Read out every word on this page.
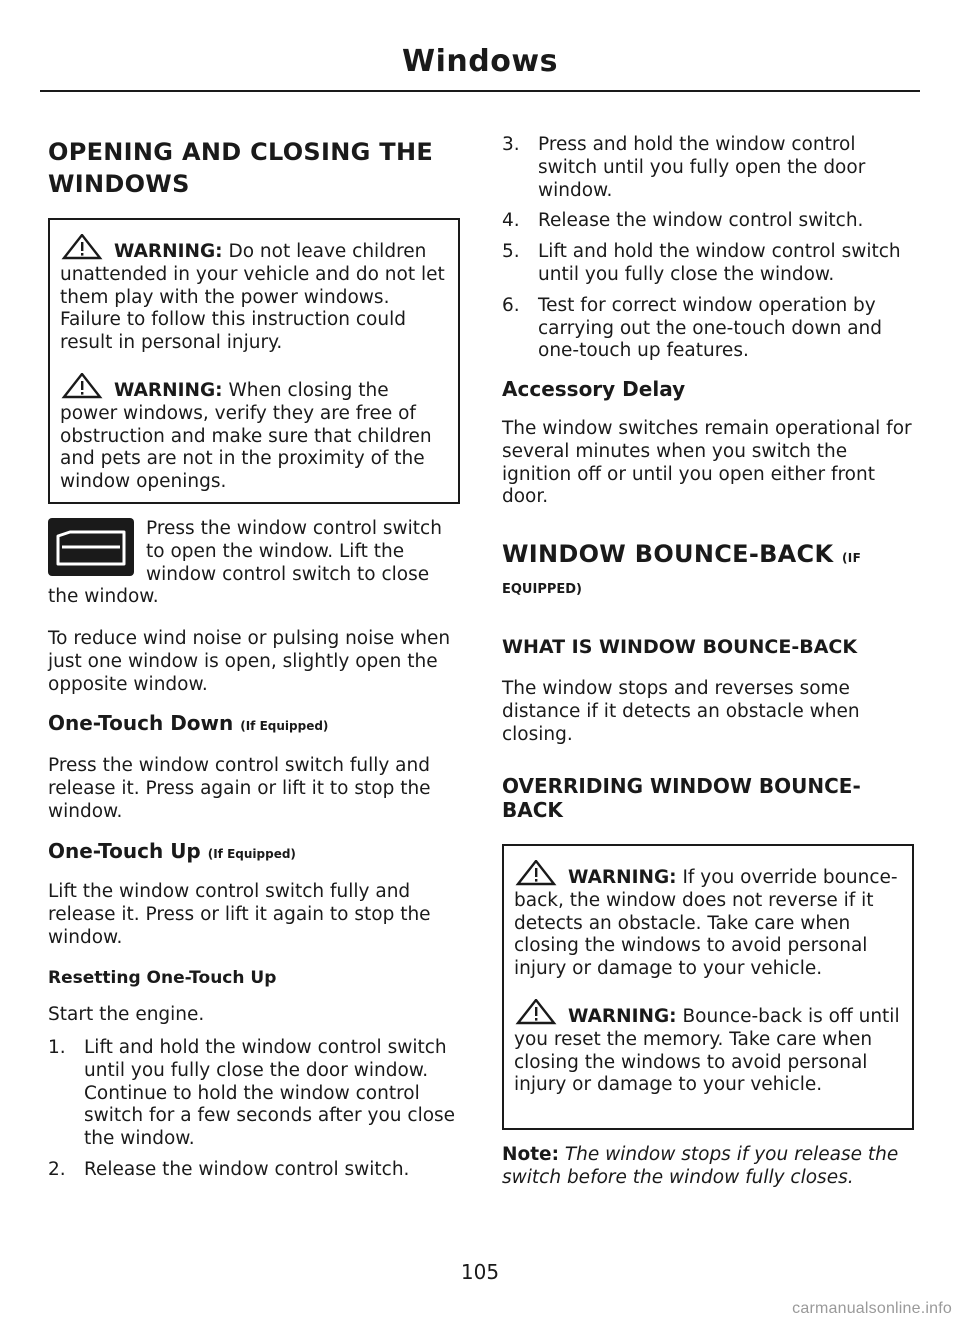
Windows
OPENING AND CLOSING THE WINDOWS
WARNING: Do not leave children unattended in your vehicle and do not let them play with the power windows. Failure to follow this instruction could result in personal injury.
WARNING: When closing the power windows, verify they are free of obstruction and make sure that children and pets are not in the proximity of the window openings.

Press the window control switch to open the window. Lift the window control switch to close the window.

To reduce wind noise or pulsing noise when just one window is open, slightly open the opposite window.

One-Touch Down (If Equipped)

Press the window control switch fully and release it. Press again or lift it to stop the window.

One-Touch Up (If Equipped)

Lift the window control switch fully and release it. Press or lift it again to stop the window.

Resetting One-Touch Up

Start the engine.

1. Lift and hold the window control switch until you fully close the door window. Continue to hold the window control switch for a few seconds after you close the window.
2. Release the window control switch.
3. Press and hold the window control switch until you fully open the door window.
4. Release the window control switch.
5. Lift and hold the window control switch until you fully close the window.
6. Test for correct window operation by carrying out the one-touch down and one-touch up features.
Accessory Delay

The window switches remain operational for several minutes when you switch the ignition off or until you open either front door.

WINDOW BOUNCE-BACK (IF
EQUIPPED)
WHAT IS WINDOW BOUNCE-BACK

The window stops and reverses some distance if it detects an obstacle when closing.

OVERRIDING WINDOW BOUNCE-BACK
WARNING: If you override bounce-back, the window does not reverse if it detects an obstacle. Take care when closing the windows to avoid personal injury or damage to your vehicle.
WARNING: Bounce-back is off until you reset the memory. Take care when closing the windows to avoid personal injury or damage to your vehicle.

Note: The window stops if you release the switch before the window fully closes.

105
carmanualsonline.info
